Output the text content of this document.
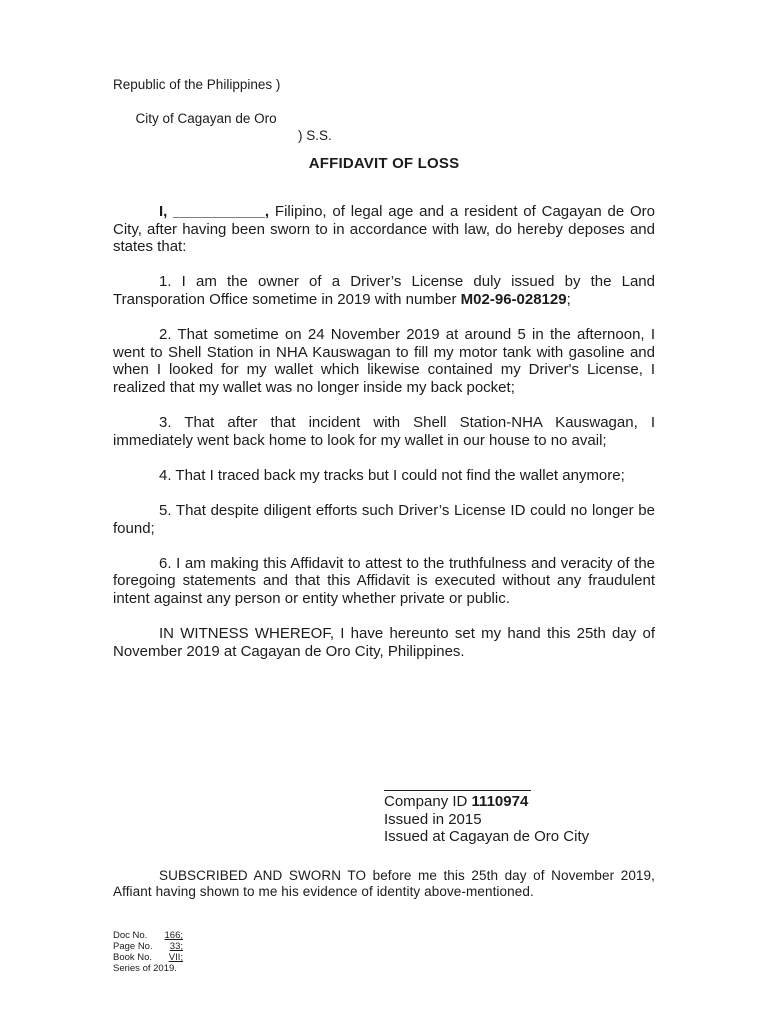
Republic of the Philippines )

City of Cagayan de Oro

) S.S.

AFFIDAVIT OF LOSS

I, ___________, Filipino, of legal age and a resident of Cagayan de Oro City, after having been sworn to in accordance with law, do hereby deposes and states that:

1. I am the owner of a Driver’s License duly issued by the Land Transporation Office sometime in 2019 with number M02-96-028129;

2. That sometime on 24 November 2019 at around 5 in the afternoon, I went to Shell Station in NHA Kauswagan to fill my motor tank with gasoline and when I looked for my wallet which likewise contained my Driver's License, I realized that my wallet was no longer inside my back pocket;

3. That after that incident with Shell Station-NHA Kauswagan, I immediately went back home to look for my wallet in our house to no avail;

4. That I traced back my tracks but I could not find the wallet anymore;

5. That despite diligent efforts such Driver’s License ID could no longer be found;

6. I am making this Affidavit to attest to the truthfulness and veracity of the foregoing statements and that this Affidavit is executed without any fraudulent intent against any person or entity whether private or public.

IN WITNESS WHEREOF, I have hereunto set my hand this 25th day of November 2019 at Cagayan de Oro City, Philippines.

Company ID 1110974
Issued in 2015
Issued at Cagayan de Oro City
SUBSCRIBED AND SWORN TO before me this 25th day of November 2019, Affiant having shown to me his evidence of identity above-mentioned.
Doc No. 166;
Page No. 33;
Book No. VII;
Series of 2019.
